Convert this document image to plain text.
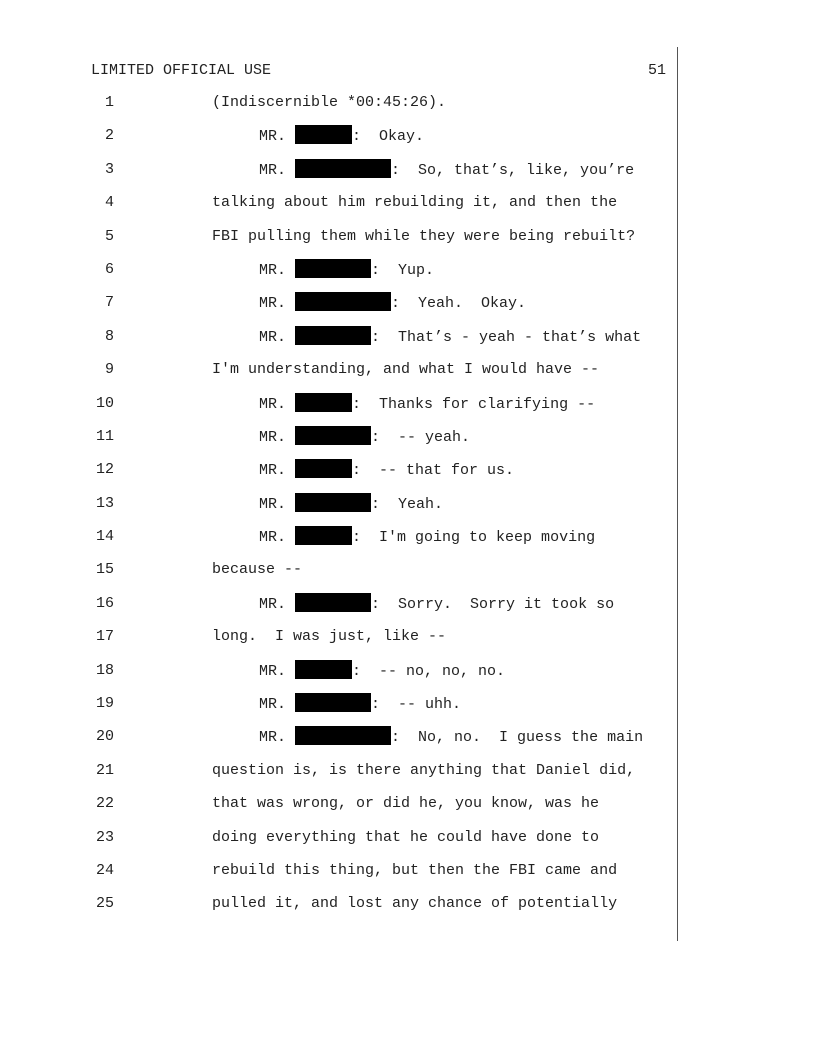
LIMITED OFFICIAL USE	51

1

	(Indiscernible *00:45:26).

2

	MR.	:  Okay.

3

	MR.	:  So, that’s, like, you’re

4

	talking about him rebuilding it, and then the

5

	FBI pulling them while they were being rebuilt?

6

	MR.	:  Yup.

7

	MR.	:  Yeah.  Okay.

8

	MR.	:  That’s - yeah - that’s what

9

	I'm understanding, and what I would have --

10

	MR.	:  Thanks for clarifying --

11

	MR.	:  -- yeah.

12

	MR.	:  -- that for us.

13

	MR.	:  Yeah.

14

	MR.	:  I'm going to keep moving

15

	because --

16

	MR.	:  Sorry.  Sorry it took so

17

	long.  I was just, like --

18

	MR.	:  -- no, no, no.

19

	MR.	:  -- uhh.

20

	MR.	:  No, no.  I guess the main

21

	question is, is there anything that Daniel did,

22

	that was wrong, or did he, you know, was he

23

	doing everything that he could have done to

24

	rebuild this thing, but then the FBI came and

25

	pulled it, and lost any chance of potentially
